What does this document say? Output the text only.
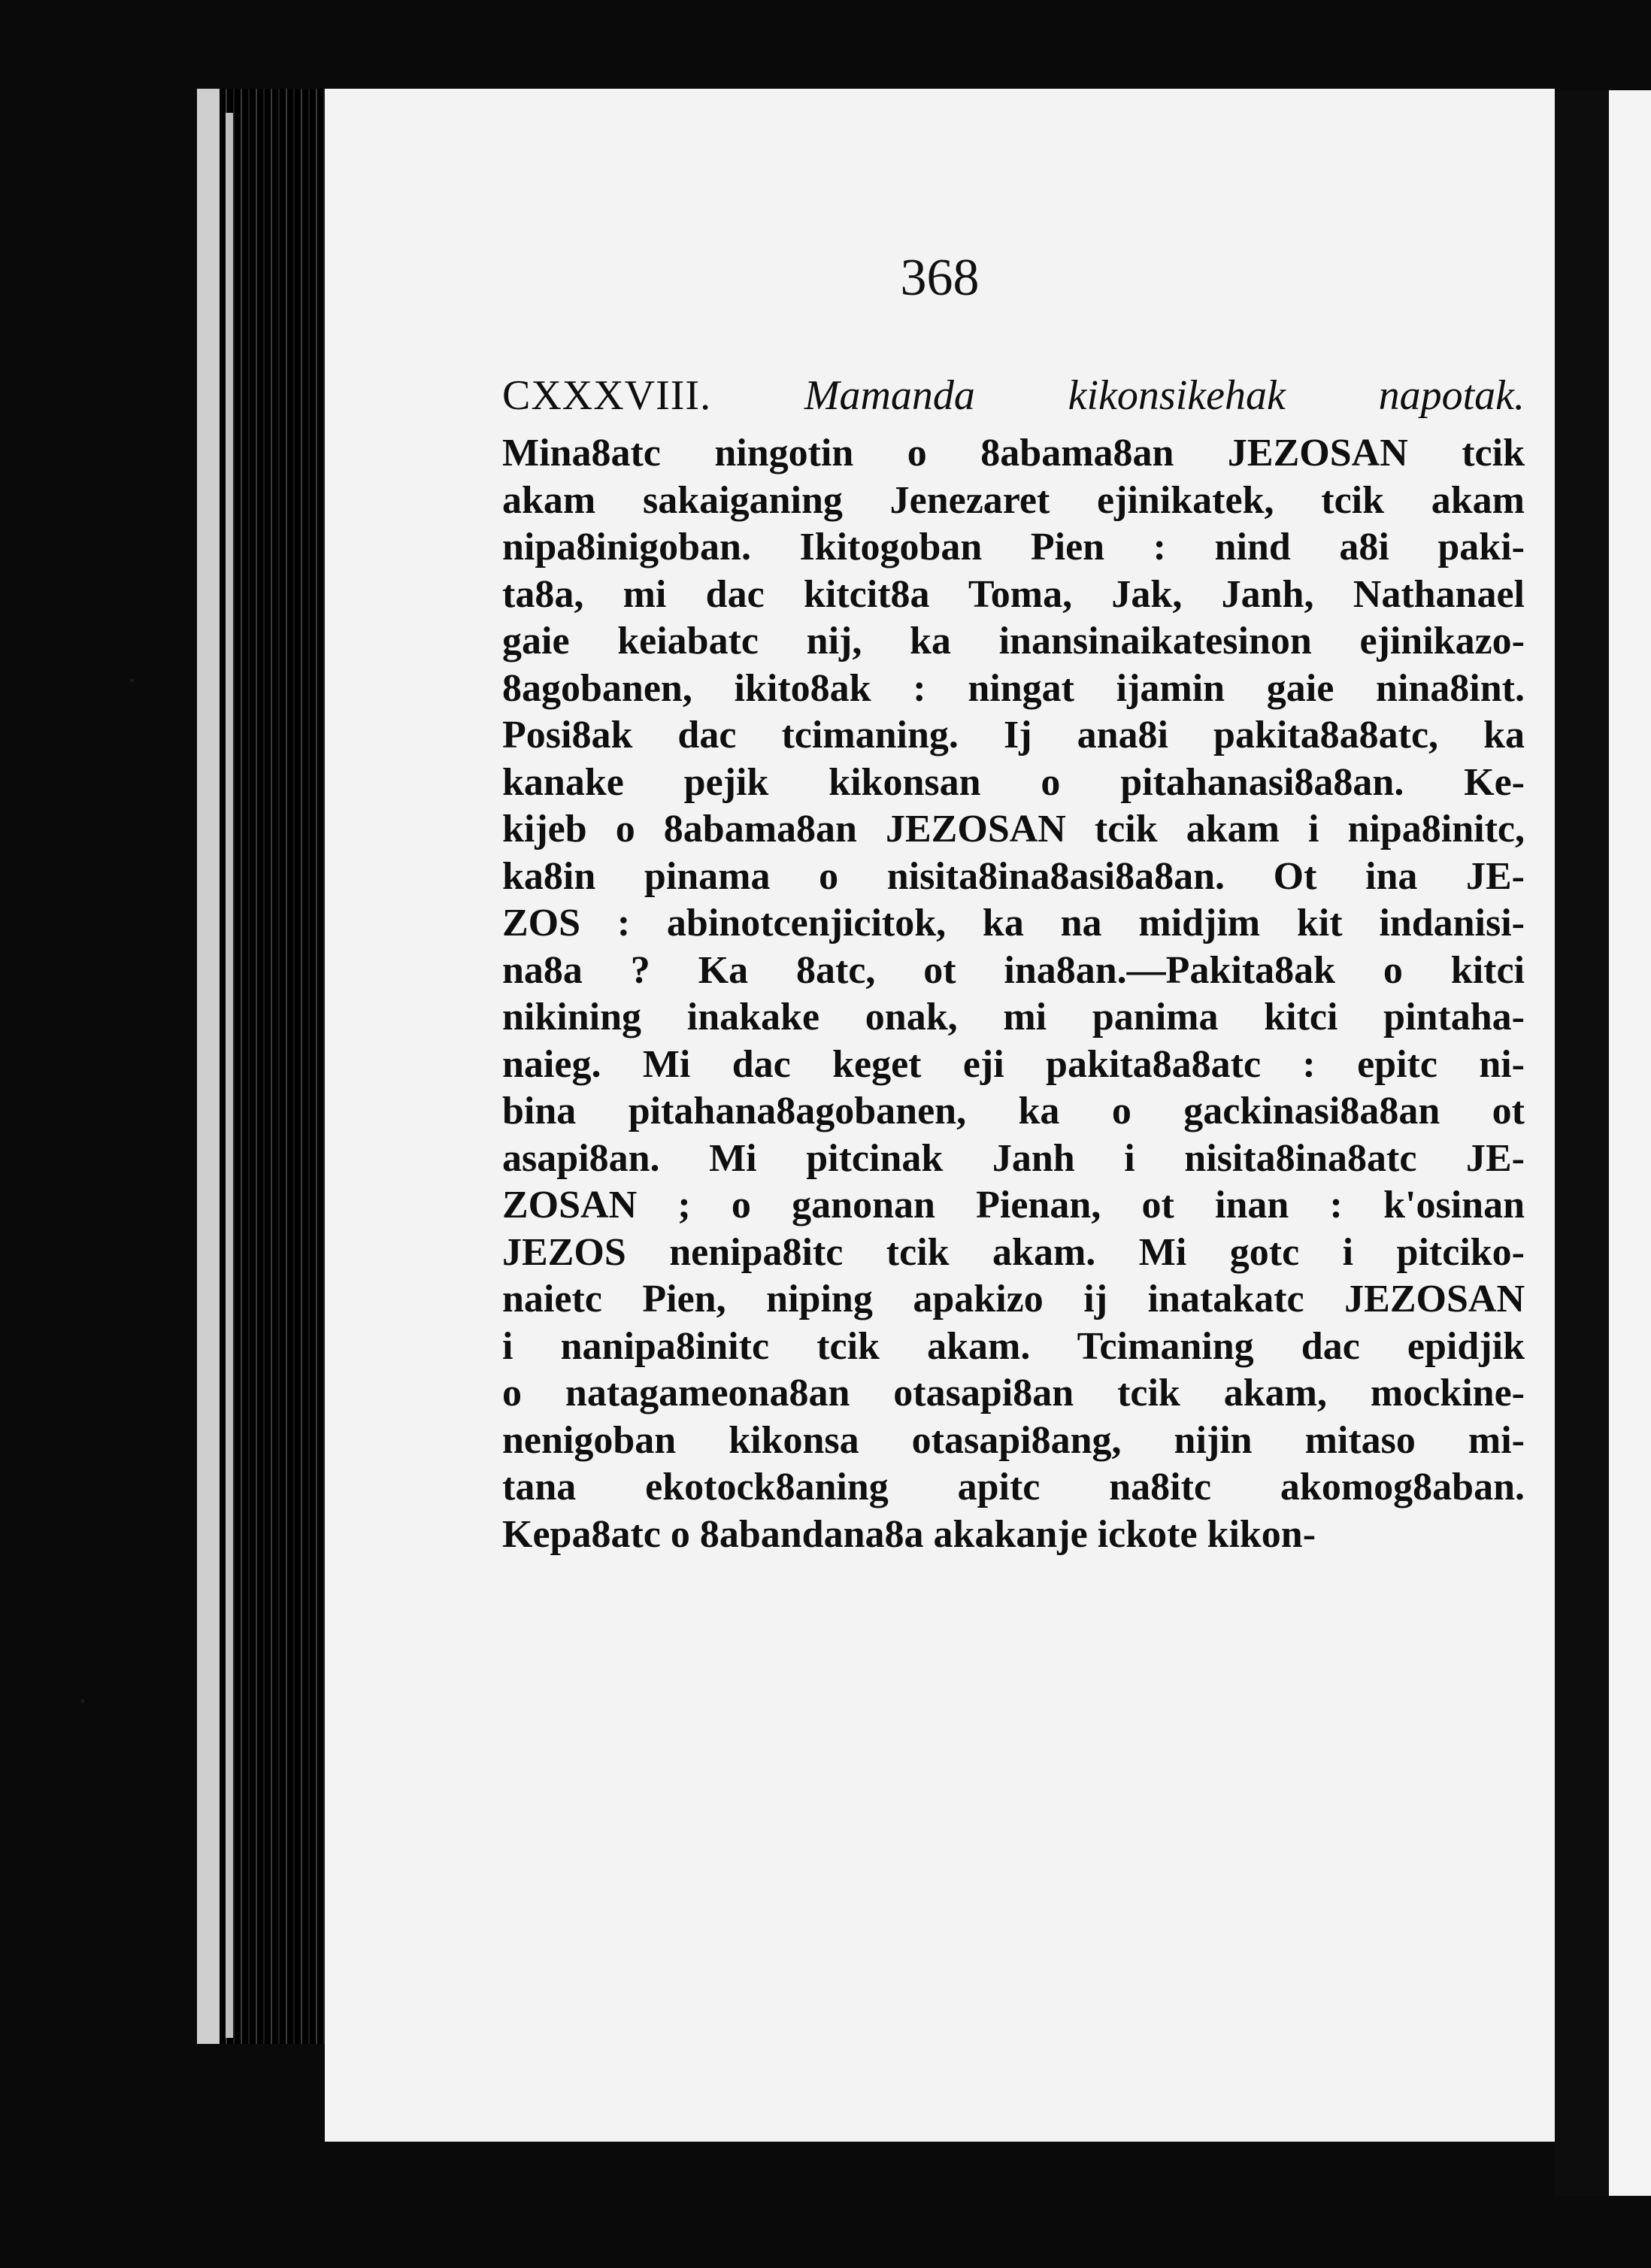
368
CXXXVIII. Mamanda kikonsikehak napotak.
Mina8atc ningotin o 8abama8an JEZOSAN tcik
akam sakaiganing Jenezaret ejinikatek, tcik akam
nipa8inigoban. Ikitogoban Pien : nind a8i paki-
ta8a, mi dac kitcit8a Toma, Jak, Janh, Nathanael
gaie keiabatc nij, ka inansinaikatesinon ejinikazo-
8agobanen, ikito8ak : ningat ijamin gaie nina8int.
Posi8ak dac tcimaning. Ij ana8i pakita8a8atc, ka
kanake pejik kikonsan o pitahanasi8a8an. Ke-
kijeb o 8abama8an JEZOSAN tcik akam i nipa8initc,
ka8in pinama o nisita8ina8asi8a8an. Ot ina JE-
ZOS : abinotcenjicitok, ka na midjim kit indanisi-
na8a ? Ka 8atc, ot ina8an.—Pakita8ak o kitci
nikining inakake onak, mi panima kitci pintaha-
naieg. Mi dac keget eji pakita8a8atc : epitc ni-
bina pitahana8agobanen, ka o gackinasi8a8an ot
asapi8an. Mi pitcinak Janh i nisita8ina8atc JE-
ZOSAN ; o ganonan Pienan, ot inan : k'osinan
JEZOS nenipa8itc tcik akam. Mi gotc i pitciko-
naietc Pien, niping apakizo ij inatakatc JEZOSAN
i nanipa8initc tcik akam. Tcimaning dac epidjik
o natagameona8an otasapi8an tcik akam, mockine-
nenigoban kikonsa otasapi8ang, nijin mitaso mi-
tana ekotock8aning apitc na8itc akomog8aban.
Kepa8atc o 8abandana8a akakanje ickote kikon-
